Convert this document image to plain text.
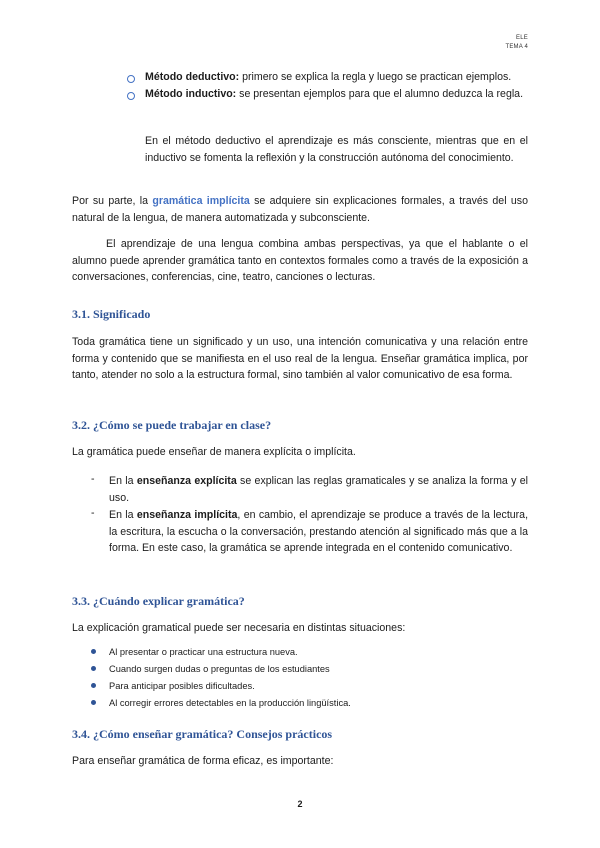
ELE
TEMA 4
Método deductivo: primero se explica la regla y luego se practican ejemplos.
Método inductivo: se presentan ejemplos para que el alumno deduzca la regla.
En el método deductivo el aprendizaje es más consciente, mientras que en el inductivo se fomenta la reflexión y la construcción autónoma del conocimiento.
Por su parte, la gramática implícita se adquiere sin explicaciones formales, a través del uso natural de la lengua, de manera automatizada y subconsciente.
El aprendizaje de una lengua combina ambas perspectivas, ya que el hablante o el alumno puede aprender gramática tanto en contextos formales como a través de la exposición a conversaciones, conferencias, cine, teatro, canciones o lecturas.
3.1. Significado
Toda gramática tiene un significado y un uso, una intención comunicativa y una relación entre forma y contenido que se manifiesta en el uso real de la lengua. Enseñar gramática implica, por tanto, atender no solo a la estructura formal, sino también al valor comunicativo de esa forma.
3.2. ¿Cómo se puede trabajar en clase?
La gramática puede enseñar de manera explícita o implícita.
- En la enseñanza explícita se explican las reglas gramaticales y se analiza la forma y el uso.
- En la enseñanza implícita, en cambio, el aprendizaje se produce a través de la lectura, la escritura, la escucha o la conversación, prestando atención al significado más que a la forma. En este caso, la gramática se aprende integrada en el contenido comunicativo.
3.3. ¿Cuándo explicar gramática?
La explicación gramatical puede ser necesaria en distintas situaciones:
Al presentar o practicar una estructura nueva.
Cuando surgen dudas o preguntas de los estudiantes
Para anticipar posibles dificultades.
Al corregir errores detectables en la producción lingüística.
3.4. ¿Cómo enseñar gramática? Consejos prácticos
Para enseñar gramática de forma eficaz, es importante:
2
